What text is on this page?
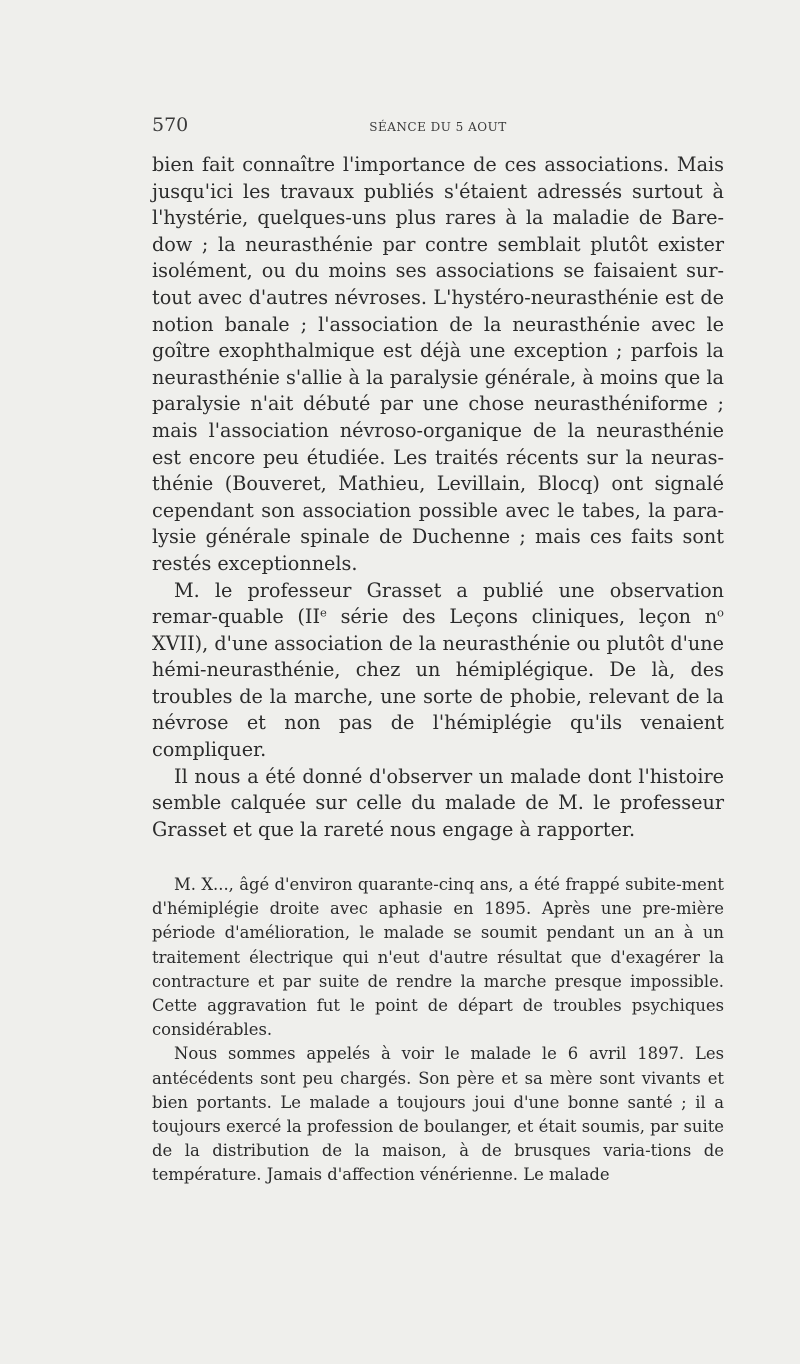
570	SÉANCE DU 5 AOUT

bien fait connaître l'importance de ces associations. Mais jusqu'ici les travaux publiés s'étaient adressés surtout à l'hystérie, quelques-uns plus rares à la maladie de Bare-dow ; la neurasthénie par contre semblait plutôt exister isolément, ou du moins ses associations se faisaient sur-tout avec d'autres névroses. L'hystéro-neurasthénie est de notion banale ; l'association de la neurasthénie avec le goître exophthalmique est déjà une exception ; parfois la neurasthénie s'allie à la paralysie générale, à moins que la paralysie n'ait débuté par une chose neurasthéniforme ; mais l'association névroso-organique de la neurasthénie est encore peu étudiée. Les traités récents sur la neuras-thénie (Bouveret, Mathieu, Levillain, Blocq) ont signalé cependant son association possible avec le tabes, la para-lysie générale spinale de Duchenne ; mais ces faits sont restés exceptionnels.

M. le professeur Grasset a publié une observation remar-quable (IIe série des Leçons cliniques, leçon $n^o$ XVII), d'une association de la neurasthénie ou plutôt d'une hémi-neurasthénie, chez un hémiplégique. De là, des troubles de la marche, une sorte de phobie, relevant de la névrose et non pas de l'hémiplégie qu'ils venaient compliquer.

Il nous a été donné d'observer un malade dont l'histoire semble calquée sur celle du malade de M. le professeur Grasset et que la rareté nous engage à rapporter.

M. X..., âgé d'environ quarante-cinq ans, a été frappé subite-ment d'hémiplégie droite avec aphasie en 1895. Après une pre-mière période d'amélioration, le malade se soumit pendant un an à un traitement électrique qui n'eut d'autre résultat que d'exagérer la contracture et par suite de rendre la marche presque impossible. Cette aggravation fut le point de départ de troubles psychiques considérables.

Nous sommes appelés à voir le malade le 6 avril 1897. Les antécédents sont peu chargés. Son père et sa mère sont vivants et bien portants. Le malade a toujours joui d'une bonne santé ; il a toujours exercé la profession de boulanger, et était soumis, par suite de la distribution de la maison, à de brusques varia-tions de température. Jamais d'affection vénérienne. Le malade
